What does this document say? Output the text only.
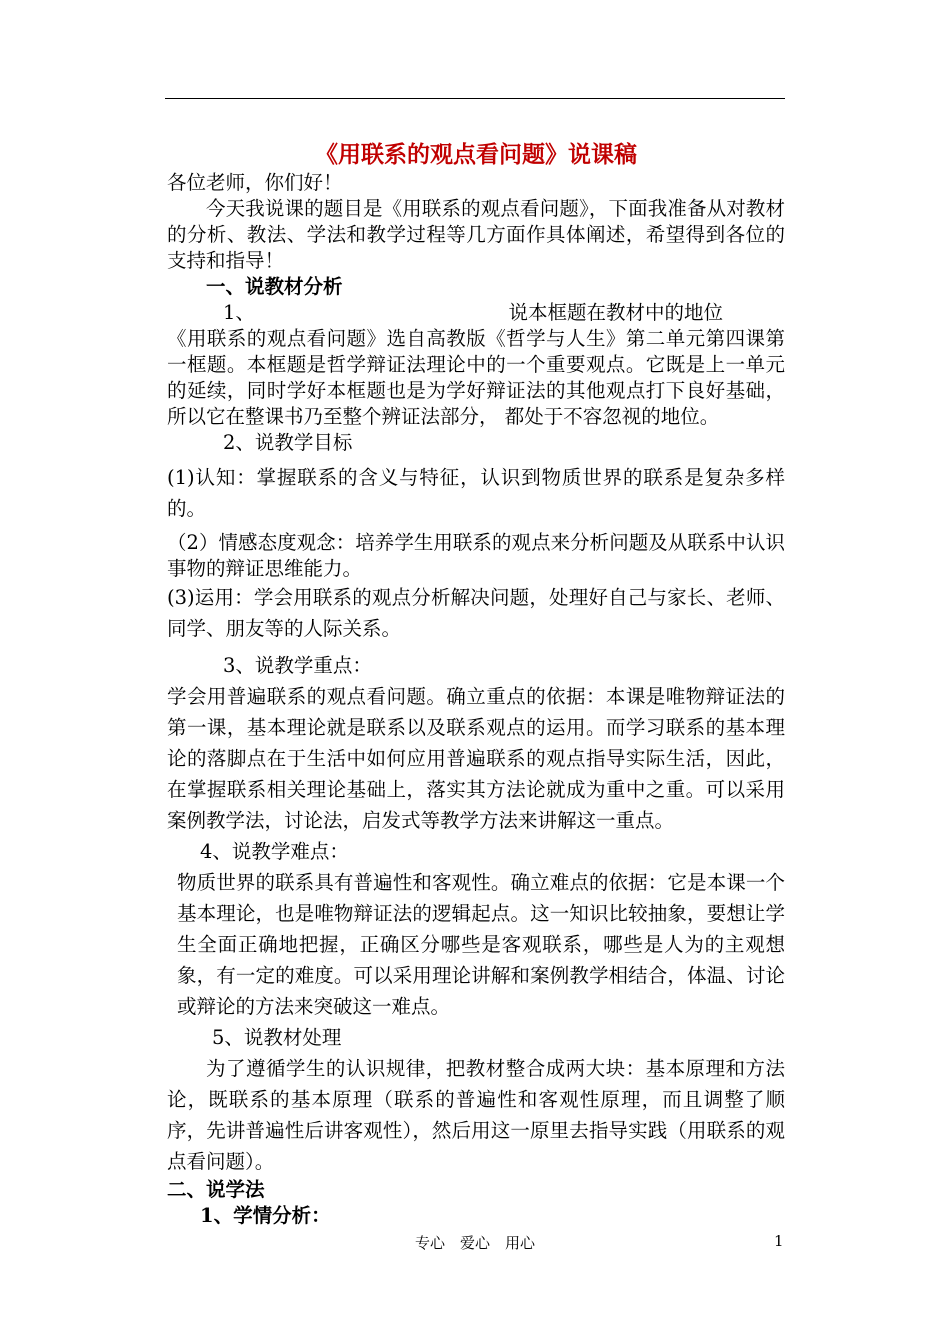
《用联系的观点看问题》说课稿

各位老师，你们好！

今天我说课的题目是《用联系的观点看问题》，下面我准备从对教材的分析、教法、学法和教学过程等几方面作具体阐述，希望得到各位的支持和指导！

一、说教材分析

1、	说本框题在教材中的地位

《用联系的观点看问题》选自高教版《哲学与人生》第二单元第四课第一框题。本框题是哲学辩证法理论中的一个重要观点。它既是上一单元的延续，同时学好本框题也是为学好辩证法的其他观点打下良好基础，所以它在整课书乃至整个辨证法部分， 都处于不容忽视的地位。

2、说教学目标

(1)认知：掌握联系的含义与特征，认识到物质世界的联系是复杂多样的。

（2）情感态度观念：培养学生用联系的观点来分析问题及从联系中认识事物的辩证思维能力。

(3)运用：学会用联系的观点分析解决问题，处理好自己与家长、老师、同学、朋友等的人际关系。

3、说教学重点：

学会用普遍联系的观点看问题。确立重点的依据：本课是唯物辩证法的第一课，基本理论就是联系以及联系观点的运用。而学习联系的基本理论的落脚点在于生活中如何应用普遍联系的观点指导实际生活，因此，在掌握联系相关理论基础上，落实其方法论就成为重中之重。可以采用案例教学法，讨论法，启发式等教学方法来讲解这一重点。

4、说教学难点：

物质世界的联系具有普遍性和客观性。确立难点的依据：它是本课一个基本理论，也是唯物辩证法的逻辑起点。这一知识比较抽象，要想让学生全面正确地把握，正确区分哪些是客观联系，哪些是人为的主观想象，有一定的难度。可以采用理论讲解和案例教学相结合，体温、讨论或辩论的方法来突破这一难点。

5、说教材处理

为了遵循学生的认识规律，把教材整合成两大块：基本原理和方法论，既联系的基本原理（联系的普遍性和客观性原理，而且调整了顺序，先讲普遍性后讲客观性），然后用这一原里去指导实践（用联系的观点看问题）。

二、说学法

1、学情分析：

专心　爱心　用心	1
